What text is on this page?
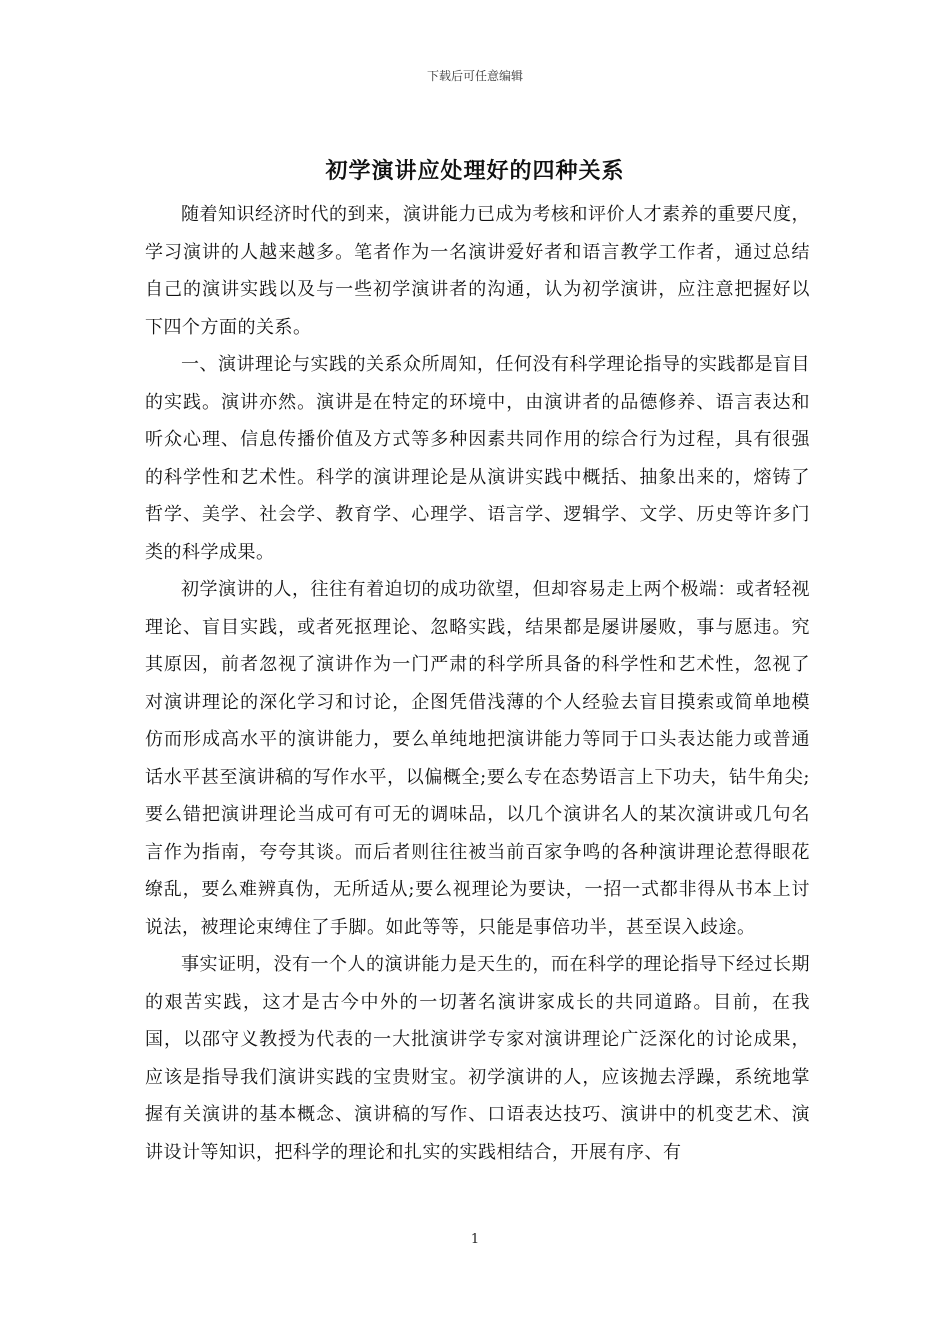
下载后可任意编辑
初学演讲应处理好的四种关系

随着知识经济时代的到来，演讲能力已成为考核和评价人才素养的重要尺度，学习演讲的人越来越多。笔者作为一名演讲爱好者和语言教学工作者，通过总结自己的演讲实践以及与一些初学演讲者的沟通，认为初学演讲，应注意把握好以下四个方面的关系。

一、演讲理论与实践的关系众所周知，任何没有科学理论指导的实践都是盲目的实践。演讲亦然。演讲是在特定的环境中，由演讲者的品德修养、语言表达和听众心理、信息传播价值及方式等多种因素共同作用的综合行为过程，具有很强的科学性和艺术性。科学的演讲理论是从演讲实践中概括、抽象出来的，熔铸了哲学、美学、社会学、教育学、心理学、语言学、逻辑学、文学、历史等许多门类的科学成果。

初学演讲的人，往往有着迫切的成功欲望，但却容易走上两个极端：或者轻视理论、盲目实践，或者死抠理论、忽略实践，结果都是屡讲屡败，事与愿违。究其原因，前者忽视了演讲作为一门严肃的科学所具备的科学性和艺术性，忽视了对演讲理论的深化学习和讨论，企图凭借浅薄的个人经验去盲目摸索或简单地模仿而形成高水平的演讲能力，要么单纯地把演讲能力等同于口头表达能力或普通话水平甚至演讲稿的写作水平，以偏概全;要么专在态势语言上下功夫，钻牛角尖;要么错把演讲理论当成可有可无的调味品，以几个演讲名人的某次演讲或几句名言作为指南，夸夸其谈。而后者则往往被当前百家争鸣的各种演讲理论惹得眼花缭乱，要么难辨真伪，无所适从;要么视理论为要诀，一招一式都非得从书本上讨说法，被理论束缚住了手脚。如此等等，只能是事倍功半，甚至误入歧途。

事实证明，没有一个人的演讲能力是天生的，而在科学的理论指导下经过长期的艰苦实践，这才是古今中外的一切著名演讲家成长的共同道路。目前，在我国，以邵守义教授为代表的一大批演讲学专家对演讲理论广泛深化的讨论成果，应该是指导我们演讲实践的宝贵财宝。初学演讲的人，应该抛去浮躁，系统地掌握有关演讲的基本概念、演讲稿的写作、口语表达技巧、演讲中的机变艺术、演讲设计等知识，把科学的理论和扎实的实践相结合，开展有序、有

1
